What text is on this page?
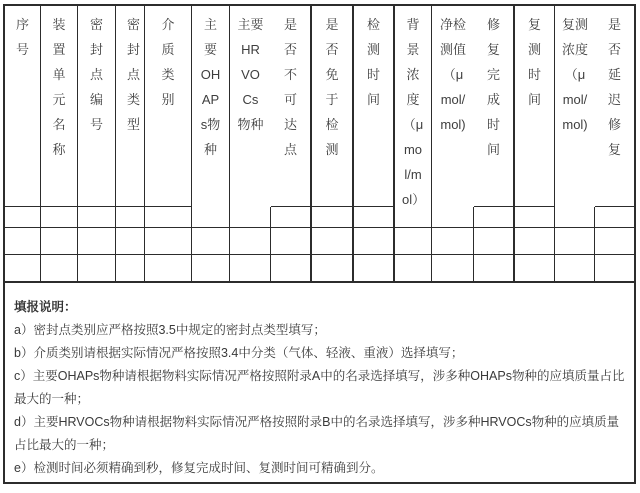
序号
装置单元名称
密封点编号
密封点类型
介质类别
主要OHAPs物种
主要HRVOCs物种
是否不可达点
是否免于检测
检测时间
背景浓度（μmol/mol）
净检测值（μmol/mol)
修复完成时间
复测时间
复测浓度（μmol/mol)
是否延迟修复
填报说明：
a）密封点类别应严格按照3.5中规定的密封点类型填写；
b）介质类别请根据实际情况严格按照3.4中分类（气体、轻液、重液）选择填写；
c）主要OHAPs物种请根据物料实际情况严格按照附录A中的名录选择填写，涉多种OHAPs物种的应填质量占比最大的一种；
d）主要HRVOCs物种请根据物料实际情况严格按照附录B中的名录选择填写，涉多种HRVOCs物种的应填质量占比最大的一种；
e）检测时间必须精确到秒，修复完成时间、复测时间可精确到分。
